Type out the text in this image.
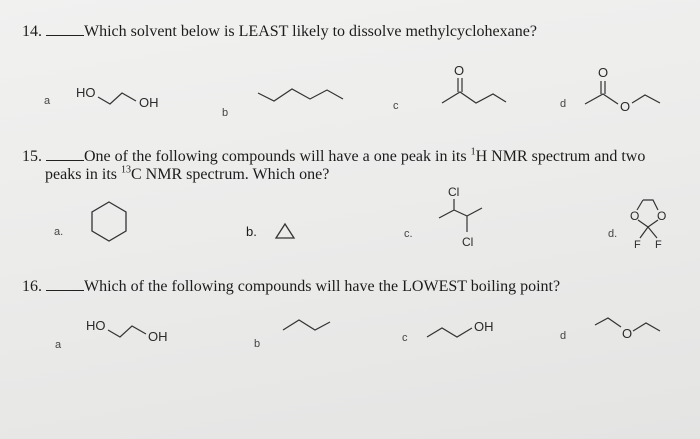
14.	Which solvent below is LEAST likely to dissolve methylcyclohexane?
a
HO
OH
b
c
O
d
O
O
15.	One of the following compounds will have a one peak in its $^1$H NMR spectrum and two
peaks in its $^{13}$C NMR spectrum. Which one?
a.	b.	c.
Cl
Cl
d.
O O
F F
16.	Which of the following compounds will have the LOWEST boiling point?
a
HO
OH	b	c
OH
d	O
